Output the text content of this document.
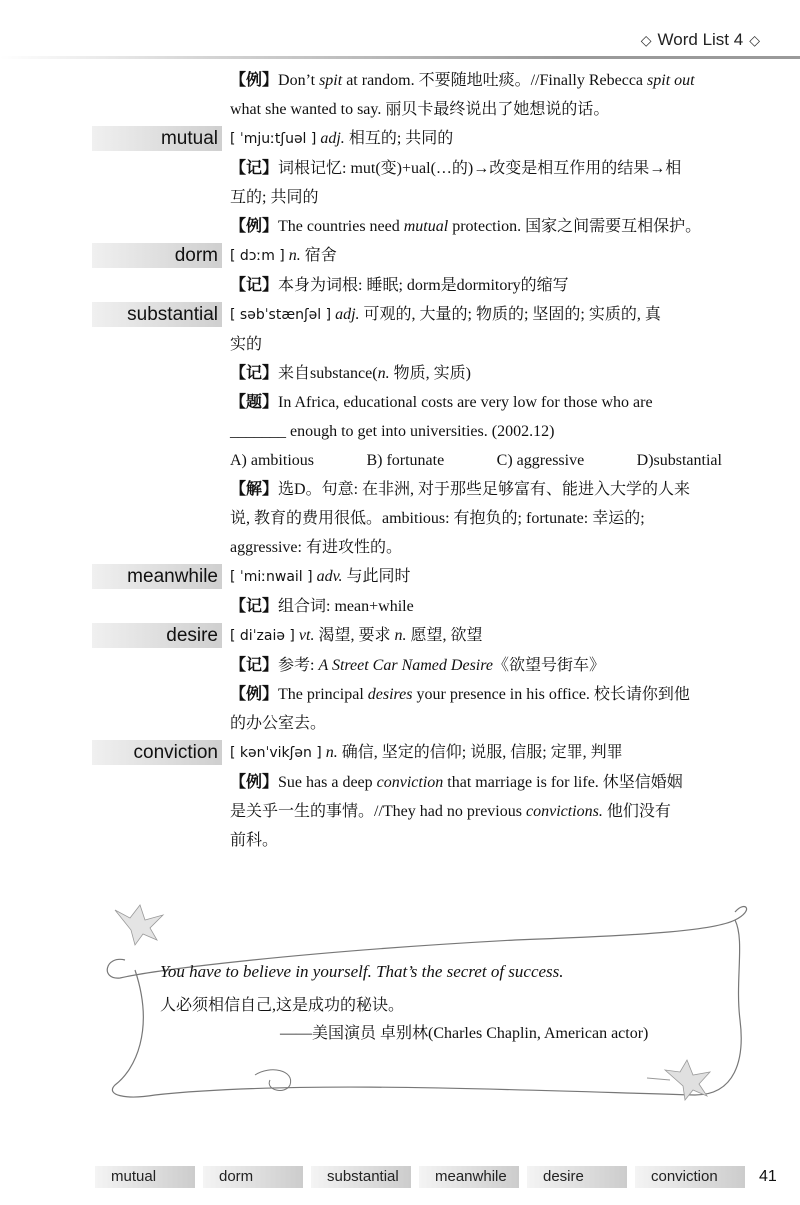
◇ Word List 4 ◇
【例】Don’t spit at random. 不要随地吐痰。//Finally Rebecca spit out
what she wanted to say. 丽贝卡最终说出了她想说的话。
mutual [ ˈmjuːtʃuəl ] adj. 相互的; 共同的
【记】词根记忆: mut(变)+ual(…的)→改变是相互作用的结果→相
互的; 共同的
【例】The countries need mutual protection. 国家之间需要互相保护。
dorm [ dɔːm ] n. 宿舍
【记】本身为词根: 睡眠; dorm是dormitory的缩写
substantial [ səbˈstænʃəl ] adj. 可观的, 大量的; 物质的; 坚固的; 实质的, 真
实的
【记】来自substance(n. 物质, 实质)
【题】In Africa, educational costs are very low for those who are
_______ enough to get into universities. (2002.12)
A) ambitious	B) fortunate	C) aggressive	D)substantial
【解】选D。句意: 在非洲, 对于那些足够富有、能进入大学的人来
说, 教育的费用很低。ambitious: 有抱负的; fortunate: 幸运的;
aggressive: 有进攻性的。
meanwhile [ ˈmiːnwail ] adv. 与此同时
【记】组合词: mean+while
desire [ diˈzaiə ] vt. 渴望, 要求 n. 愿望, 欲望
【记】参考: A Street Car Named Desire《欲望号街车》
【例】The principal desires your presence in his office. 校长请你到他
的办公室去。
conviction [ kənˈvikʃən ] n. 确信, 坚定的信仰; 说服, 信服; 定罪, 判罪
【例】Sue has a deep conviction that marriage is for life. 休坚信婚姻
是关乎一生的事情。//They had no previous convictions. 他们没有
前科。
You have to believe in yourself. That’s the secret of success.
人必须相信自己,这是成功的秘诀。
——美国演员 卓别林(Charles Chaplin, American actor)
mutual	dorm	substantial	meanwhile	desire	conviction	41
